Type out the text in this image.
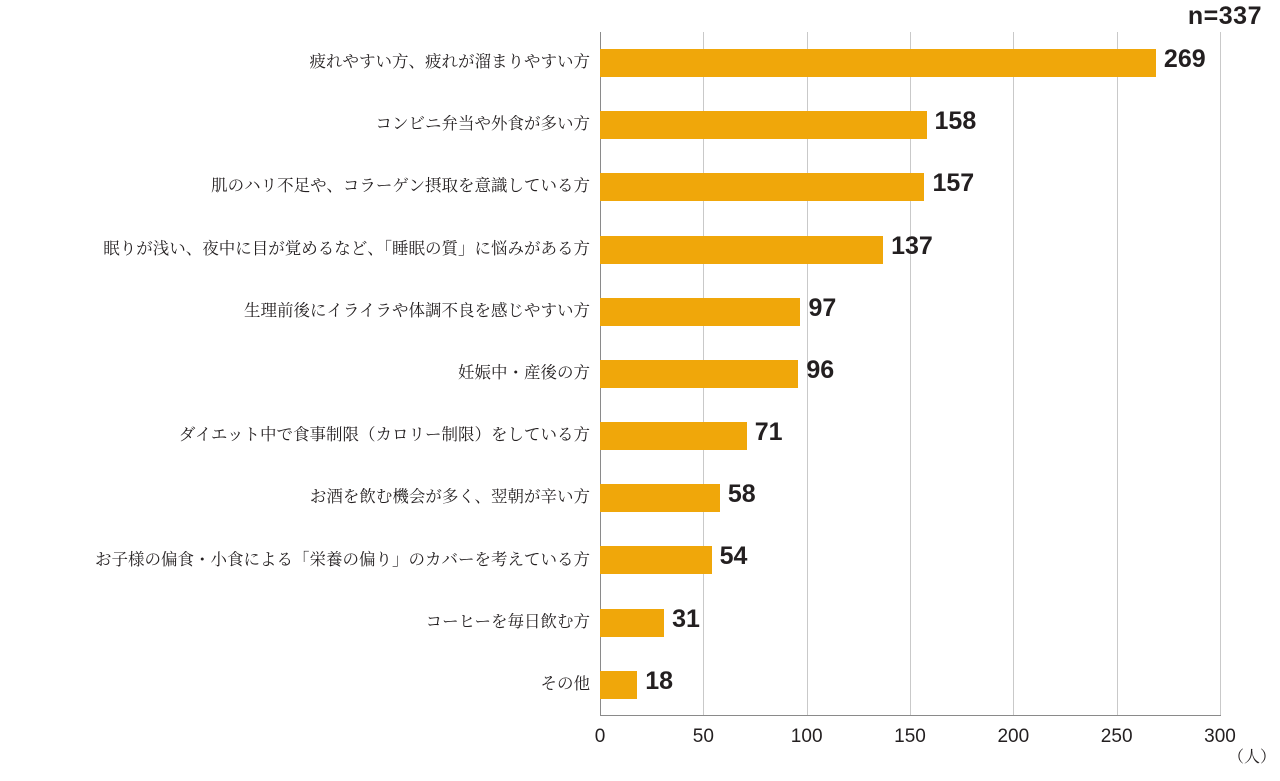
n=337
269
158
157
137
97
96
71
58
54
31
18
疲れやすい方、疲れが溜まりやすい方
コンビニ弁当や外食が多い方
肌のハリ不足や、コラーゲン摂取を意識している方
眠りが浅い、夜中に目が覚めるなど、「睡眠の質」に悩みがある方
生理前後にイライラや体調不良を感じやすい方
妊娠中・産後の方
ダイエット中で食事制限（カロリー制限）をしている方
お酒を飲む機会が多く、翌朝が辛い方
お子様の偏食・小食による「栄養の偏り」のカバーを考えている方
コーヒーを毎日飲む方
その他
0	50	100	150	200	250	300
（人）
